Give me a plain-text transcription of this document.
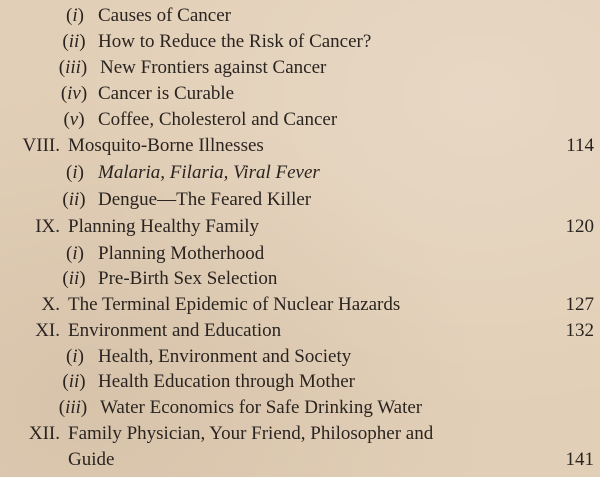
(i) Causes of Cancer
(ii) How to Reduce the Risk of Cancer?
(iii) New Frontiers against Cancer
(iv) Cancer is Curable
(v) Coffee, Cholesterol and Cancer
VIII. Mosquito-Borne Illnesses	114
(i) Malaria, Filaria, Viral Fever
(ii) Dengue—The Feared Killer
IX. Planning Healthy Family	120
(i) Planning Motherhood
(ii) Pre-Birth Sex Selection
X. The Terminal Epidemic of Nuclear Hazards	127
XI. Environment and Education	132
(i) Health, Environment and Society
(ii) Health Education through Mother
(iii) Water Economics for Safe Drinking Water
XII. Family Physician, Your Friend, Philosopher and
Guide	141
